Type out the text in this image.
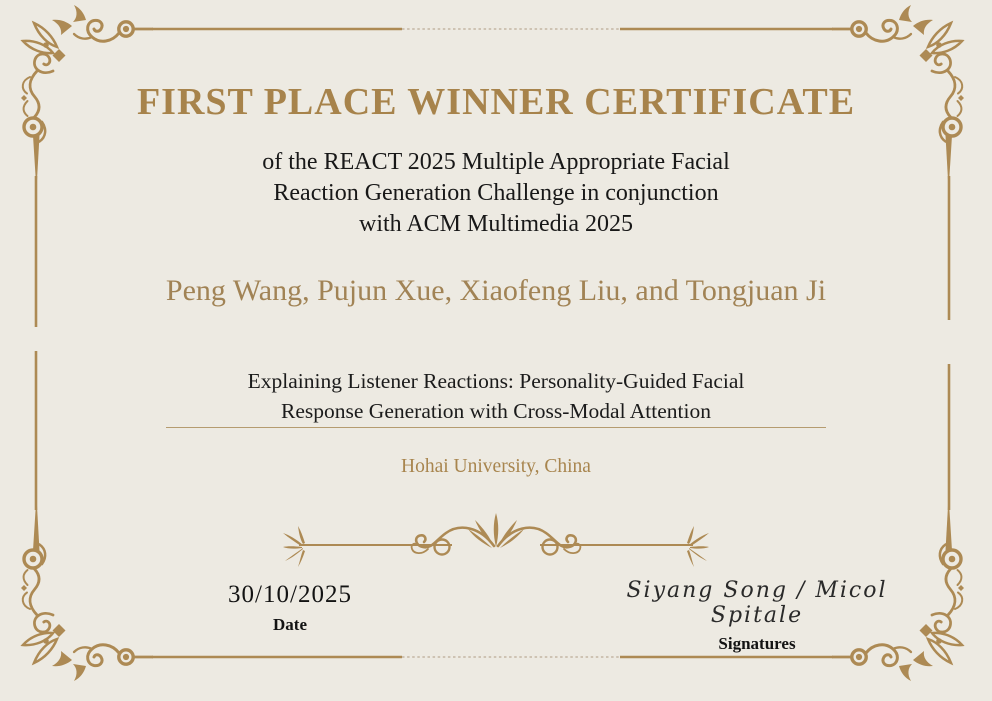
FIRST PLACE WINNER CERTIFICATE

of the REACT 2025 Multiple Appropriate Facial
Reaction Generation Challenge in conjunction
with ACM Multimedia 2025

Peng Wang, Pujun Xue, Xiaofeng Liu, and Tongjuan Ji

Explaining Listener Reactions: Personality-Guided Facial
Response Generation with Cross-Modal Attention

Hohai University, China

30/10/2025
Date
Siyang Song / Micol Spitale
Signatures
